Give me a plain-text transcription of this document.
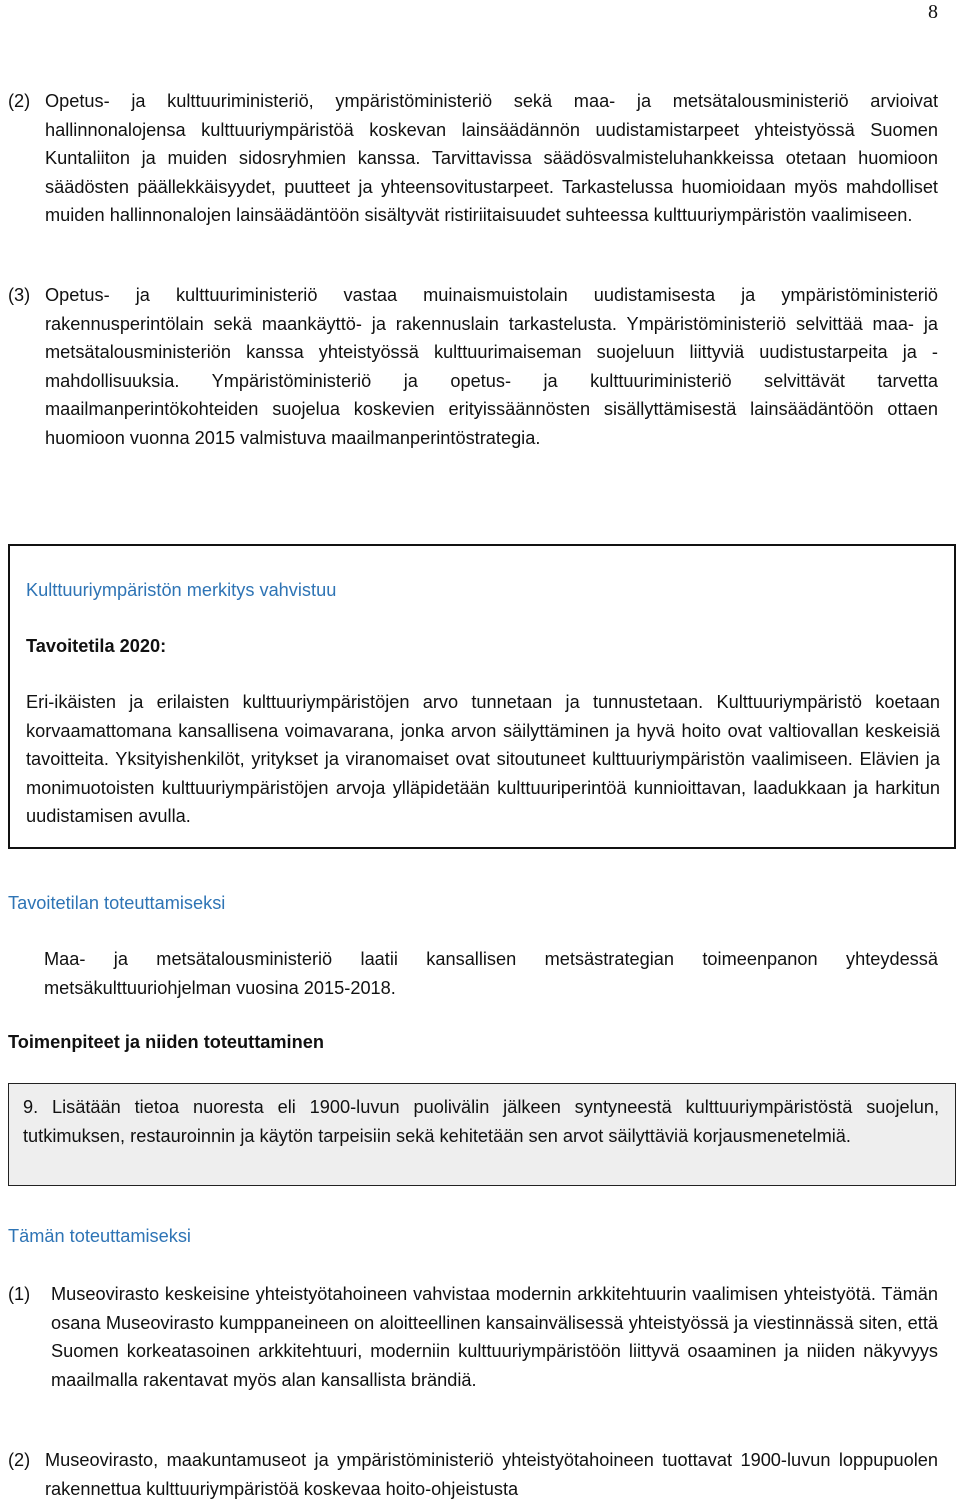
8
(2) Opetus- ja kulttuuriministeriö, ympäristöministeriö sekä maa- ja metsätalousministeriö arvioivat hallinnonalojensa kulttuuriympäristöä koskevan lainsäädännön uudistamistarpeet yhteistyössä Suomen Kuntaliiton ja muiden sidosryhmien kanssa. Tarvittavissa säädösvalmisteluhankkeissa otetaan huomioon säädösten päällekkäisyydet, puutteet ja yhteensovitustarpeet. Tarkastelussa huomioidaan myös mahdolliset muiden hallinnonalojen lainsäädäntöön sisältyvät ristiriitaisuudet suhteessa kulttuuriympäristön vaalimiseen.
(3) Opetus- ja kulttuuriministeriö vastaa muinaismuistolain uudistamisesta ja ympäristöministeriö rakennusperintölain sekä maankäyttö- ja rakennuslain tarkastelusta. Ympäristöministeriö selvittää maa- ja metsätalousministeriön kanssa yhteistyössä kulttuurimaiseman suojeluun liittyviä uudistustarpeita ja -mahdollisuuksia. Ympäristöministeriö ja opetus- ja kulttuuriministeriö selvittävät tarvetta maailmanperintökohteiden suojelua koskevien erityissäännösten sisällyttämisestä lainsäädäntöön ottaen huomioon vuonna 2015 valmistuva maailmanperintöstrategia.
Kulttuuriympäristön merkitys vahvistuu
Tavoitetila 2020:
Eri-ikäisten ja erilaisten kulttuuriympäristöjen arvo tunnetaan ja tunnustetaan. Kulttuuriympäristö koetaan korvaamattomana kansallisena voimavarana, jonka arvon säilyttäminen ja hyvä hoito ovat valtiovallan keskeisiä tavoitteita. Yksityishenkilöt, yritykset ja viranomaiset ovat sitoutuneet kulttuuriympäristön vaalimiseen. Elävien ja monimuotoisten kulttuuriympäristöjen arvoja ylläpidetään kulttuuriperintöä kunnioittavan, laadukkaan ja harkitun uudistamisen avulla.
Tavoitetilan toteuttamiseksi
Maa- ja metsätalousministeriö laatii kansallisen metsästrategian toimeenpanon yhteydessä metsäkulttuuriohjelman vuosina 2015-2018.
Toimenpiteet ja niiden toteuttaminen
9. Lisätään tietoa nuoresta eli 1900-luvun puolivälin jälkeen syntyneestä kulttuuriympäristöstä suojelun, tutkimuksen, restauroinnin ja käytön tarpeisiin sekä kehitetään sen arvot säilyttäviä korjausmenetelmiä.
Tämän toteuttamiseksi
(1)	Museovirasto keskeisine yhteistyötahoineen vahvistaa modernin arkkitehtuurin vaalimisen yhteistyötä. Tämän osana Museovirasto kumppaneineen on aloitteellinen kansainvälisessä yhteistyössä ja viestinnässä siten, että Suomen korkeatasoinen arkkitehtuuri, moderniin kulttuuriympäristöön liittyvä osaaminen ja niiden näkyvyys maailmalla rakentavat myös alan kansallista brändiä.
(2) Museovirasto, maakuntamuseot ja ympäristöministeriö yhteistyötahoineen tuottavat 1900-luvun loppupuolen rakennettua kulttuuriympäristöä koskevaa hoito-ohjeistusta
